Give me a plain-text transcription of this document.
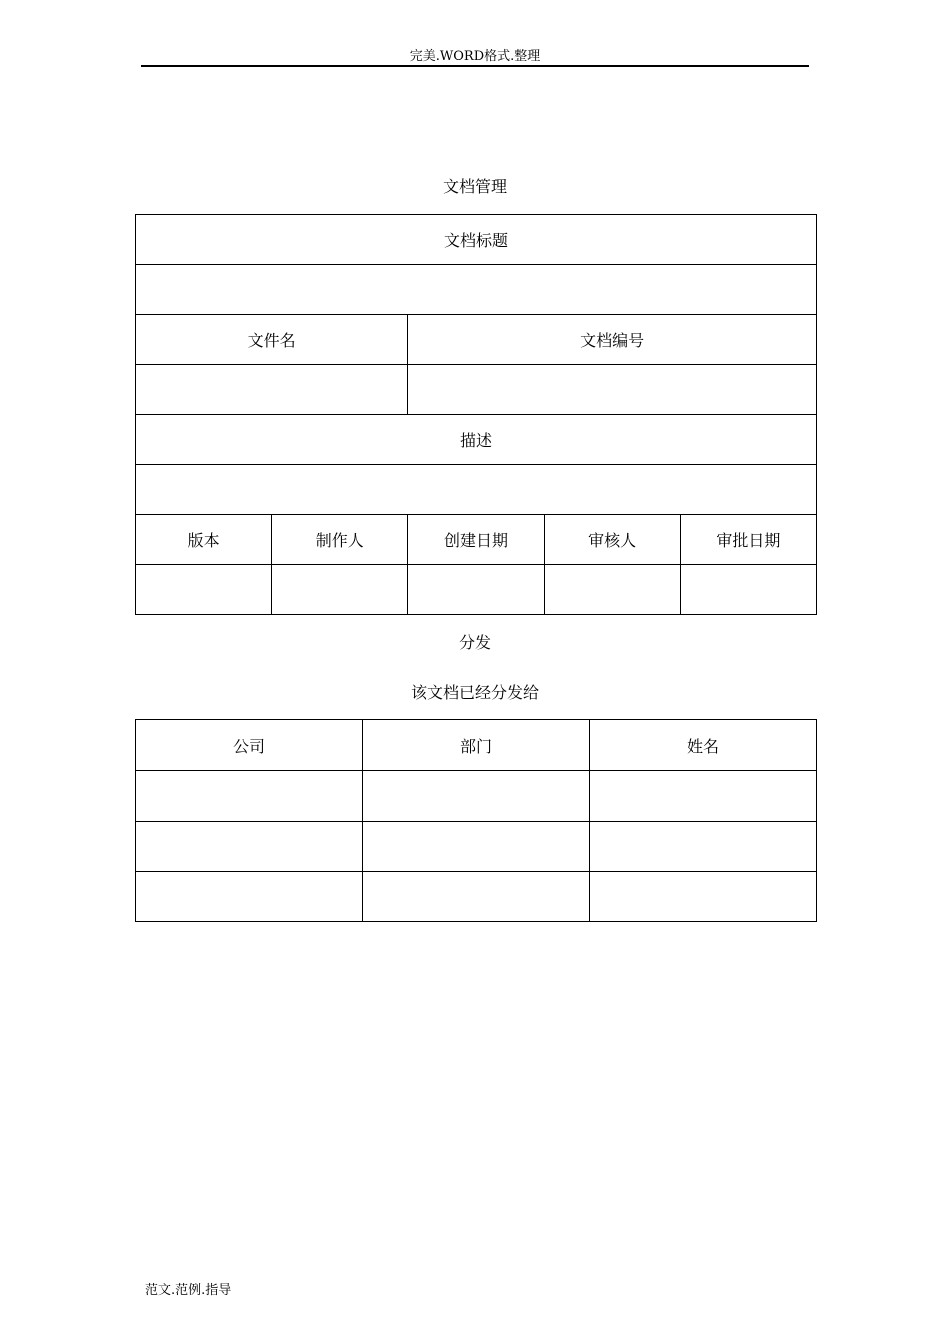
完美.WORD格式.整理
文档管理
文档标题				

文件名		文档编号		

描述				

版本	制作人	创建日期	审核人	审批日期

分发
该文档已经分发给
公司	部门	姓名

范文.范例.指导
